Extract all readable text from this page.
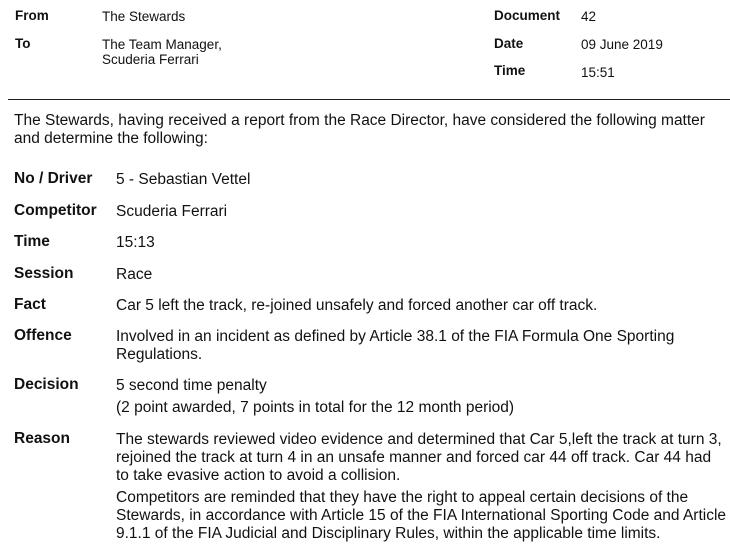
From	The Stewards
To	The Team Manager,
Scuderia Ferrari
Document 42
Date	09 June 2019
Time	15:51
The Stewards, having received a report from the Race Director, have considered the following matter and determine the following:
No / Driver 5 - Sebastian Vettel
Competitor Scuderia Ferrari
Time	15:13
Session	Race
Fact	Car 5 left the track, re-joined unsafely and forced another car off track.
Offence	Involved in an incident as defined by Article 38.1 of the FIA Formula One Sporting Regulations.
Decision 5 second time penalty
(2 point awarded, 7 points in total for the 12 month period)
Reason	The stewards reviewed video evidence and determined that Car 5,left the track at turn 3, rejoined the track at turn 4 in an unsafe manner and forced car 44 off track. Car 44 had to take evasive action to avoid a collision.
Competitors are reminded that they have the right to appeal certain decisions of the Stewards, in accordance with Article 15 of the FIA International Sporting Code and Article 9.1.1 of the FIA Judicial and Disciplinary Rules, within the applicable time limits.
